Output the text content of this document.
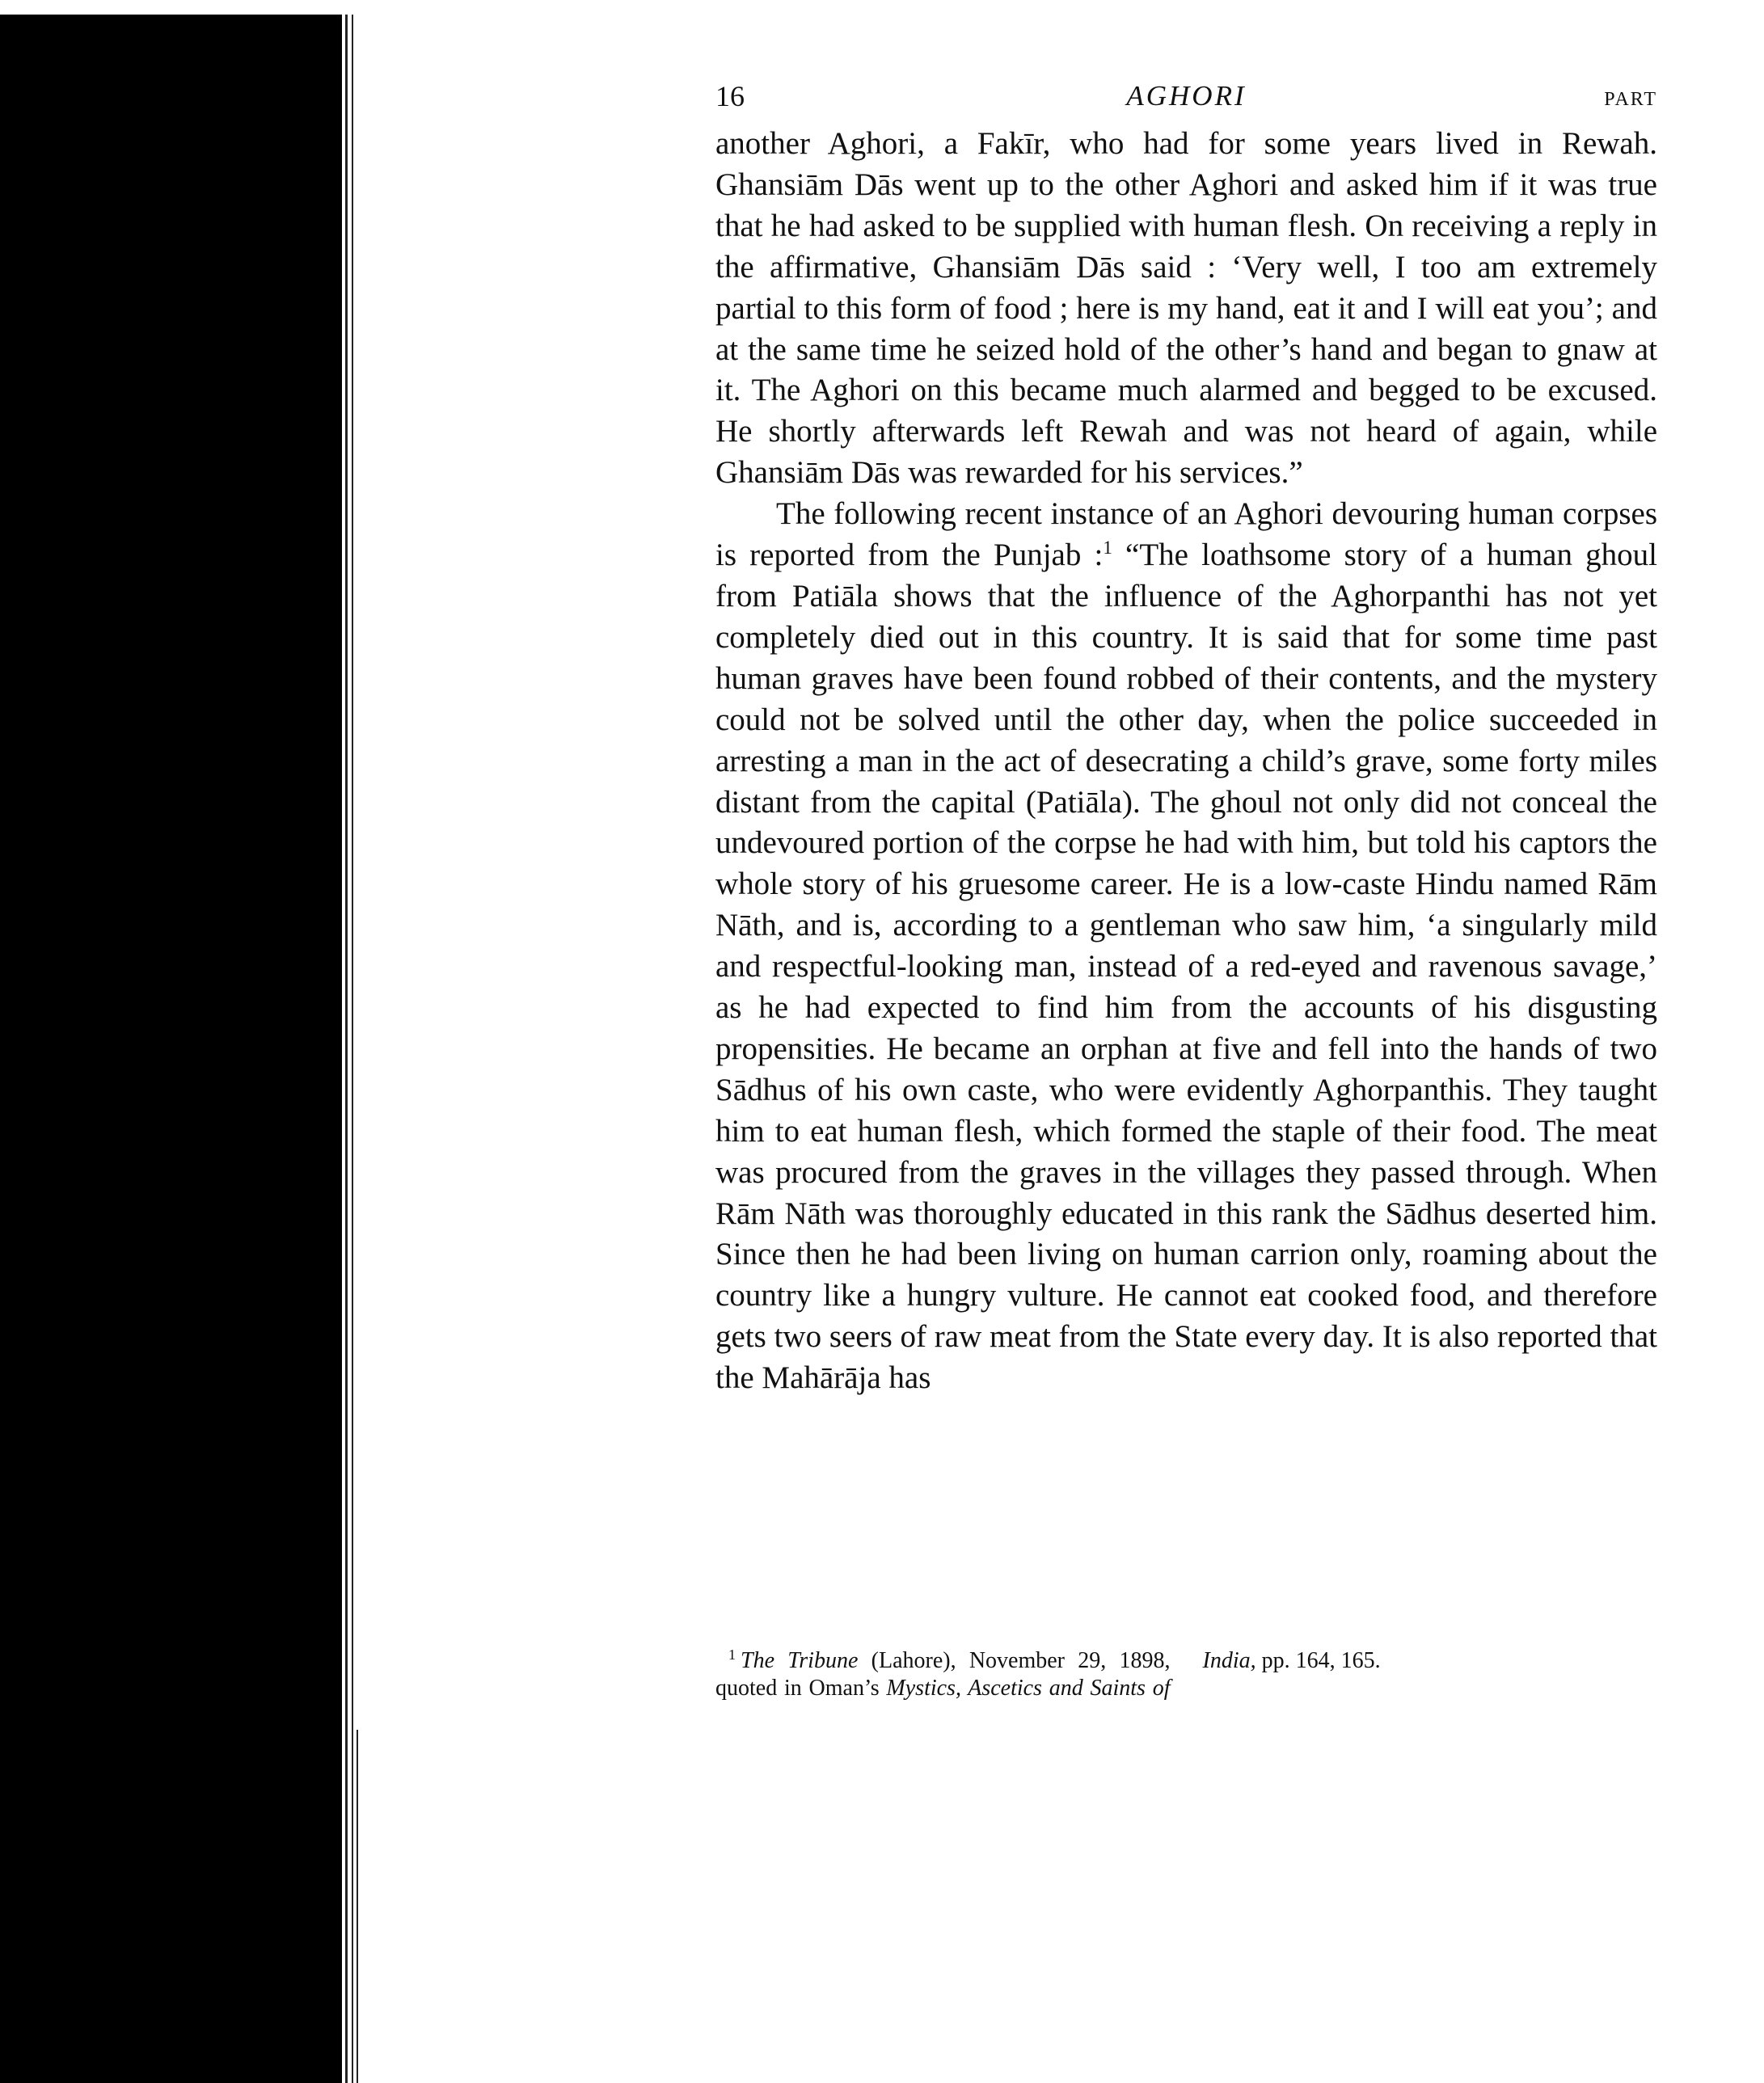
16	AGHORI	PART

another Aghori, a Fakīr, who had for some years lived in Rewah. Ghansiām Dās went up to the other Aghori and asked him if it was true that he had asked to be supplied with human flesh. On receiving a reply in the affirmative, Ghansiām Dās said : ‘Very well, I too am extremely partial to this form of food ; here is my hand, eat it and I will eat you’; and at the same time he seized hold of the other’s hand and began to gnaw at it. The Aghori on this became much alarmed and begged to be excused. He shortly afterwards left Rewah and was not heard of again, while Ghansiām Dās was rewarded for his services.”

The following recent instance of an Aghori devouring human corpses is reported from the Punjab :$^1$ “The loathsome story of a human ghoul from Patiāla shows that the influence of the Aghorpanthi has not yet completely died out in this country. It is said that for some time past human graves have been found robbed of their contents, and the mystery could not be solved until the other day, when the police succeeded in arresting a man in the act of desecrating a child’s grave, some forty miles distant from the capital (Patiāla). The ghoul not only did not conceal the undevoured portion of the corpse he had with him, but told his captors the whole story of his gruesome career. He is a low-caste Hindu named Rām Nāth, and is, according to a gentleman who saw him, ‘a singularly mild and respectful-looking man, instead of a red-eyed and ravenous savage,’ as he had expected to find him from the accounts of his disgusting propensities. He became an orphan at five and fell into the hands of two Sādhus of his own caste, who were evidently Aghorpanthis. They taught him to eat human flesh, which formed the staple of their food. The meat was procured from the graves in the villages they passed through. When Rām Nāth was thoroughly educated in this rank the Sādhus deserted him. Since then he had been living on human carrion only, roaming about the country like a hungry vulture. He cannot eat cooked food, and therefore gets two seers of raw meat from the State every day. It is also reported that the Mahārāja has

$^1$ The Tribune (Lahore), November 29, 1898, quoted in Oman’s Mystics, Ascetics and Saints of India, pp. 164, 165.
